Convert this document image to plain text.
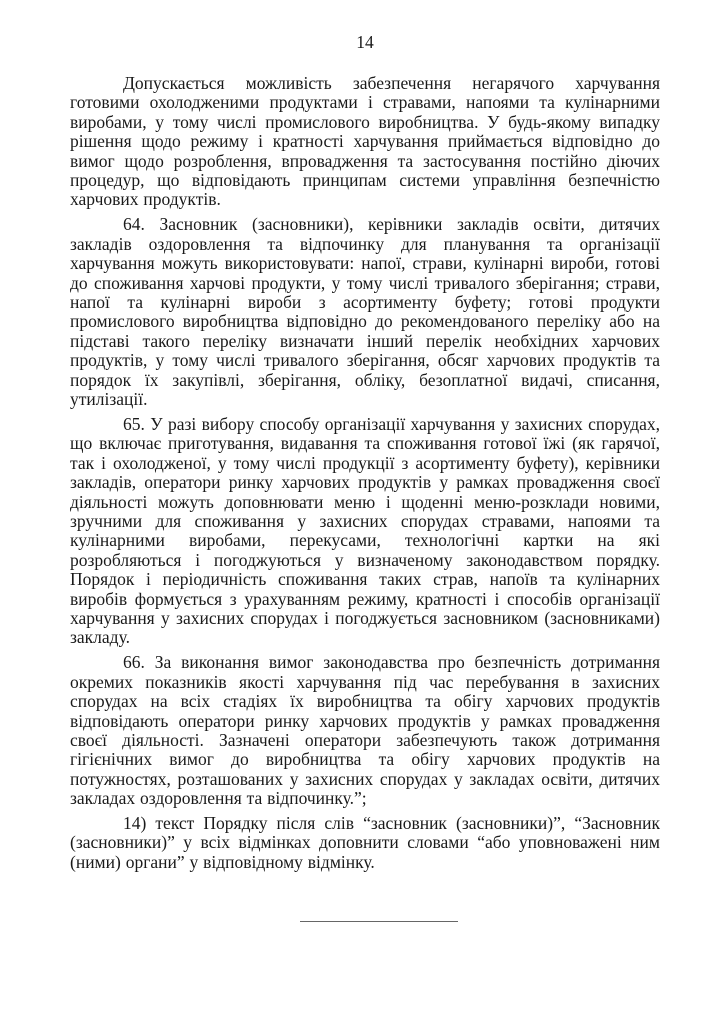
14

Допускається можливість забезпечення негарячого харчування готовими охолодженими продуктами і стравами, напоями та кулінарними виробами, у тому числі промислового виробництва. У будь-якому випадку рішення щодо режиму і кратності харчування приймається відповідно до вимог щодо розроблення, впровадження та застосування постійно діючих процедур, що відповідають принципам системи управління безпечністю харчових продуктів.

64. Засновник (засновники), керівники закладів освіти, дитячих закладів оздоровлення та відпочинку для планування та організації харчування можуть використовувати: напої, страви, кулінарні вироби, готові до споживання харчові продукти, у тому числі тривалого зберігання; страви, напої та кулінарні вироби з асортименту буфету; готові продукти промислового виробництва відповідно до рекомендованого переліку або на підставі такого переліку визначати інший перелік необхідних харчових продуктів, у тому числі тривалого зберігання, обсяг харчових продуктів та порядок їх закупівлі, зберігання, обліку, безоплатної видачі, списання, утилізації.

65. У разі вибору способу організації харчування у захисних спорудах, що включає приготування, видавання та споживання готової їжі (як гарячої, так і охолодженої, у тому числі продукції з асортименту буфету), керівники закладів, оператори ринку харчових продуктів у рамках провадження своєї діяльності можуть доповнювати меню і щоденні меню-розклади новими, зручними для споживання у захисних спорудах стравами, напоями та кулінарними виробами, перекусами, технологічні картки на які розробляються і погоджуються у визначеному законодавством порядку. Порядок і періодичність споживання таких страв, напоїв та кулінарних виробів формується з урахуванням режиму, кратності і способів організації харчування у захисних спорудах і погоджується засновником (засновниками) закладу.

66. За виконання вимог законодавства про безпечність дотримання окремих показників якості харчування під час перебування в захисних спорудах на всіх стадіях їх виробництва та обігу харчових продуктів відповідають оператори ринку харчових продуктів у рамках провадження своєї діяльності. Зазначені оператори забезпечують також дотримання гігієнічних вимог до виробництва та обігу харчових продуктів на потужностях, розташованих у захисних спорудах у закладах освіти, дитячих закладах оздоровлення та відпочинку.”;

14) текст Порядку після слів “засновник (засновники)”, “Засновник (засновники)” у всіх відмінках доповнити словами “або уповноважені ним (ними) органи” у відповідному відмінку.
